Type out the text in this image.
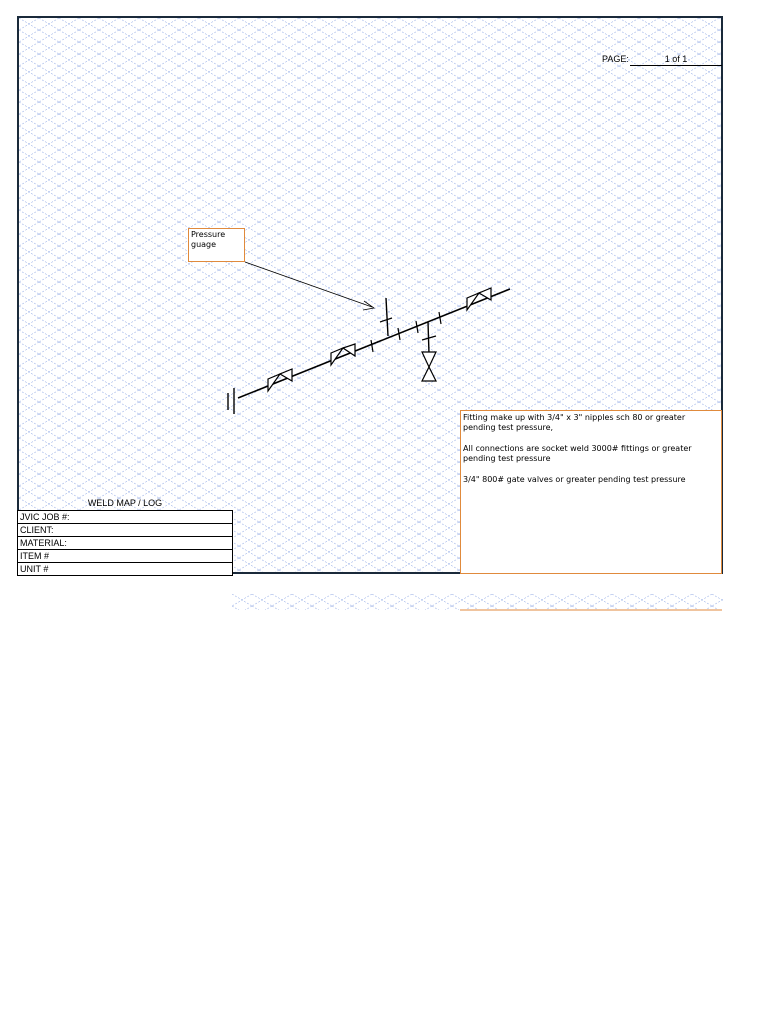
PAGE:	1 of 1
Pressure
guage

Fitting make up with 3/4" x 3" nipples sch 80 or greater pending test pressure,

All connections are socket weld 3000# fittings or greater pending test pressure

3/4" 800# gate valves or greater pending test pressure

WELD MAP / LOG
JVIC JOB #:
CLIENT:
MATERIAL:
ITEM #
UNIT #
